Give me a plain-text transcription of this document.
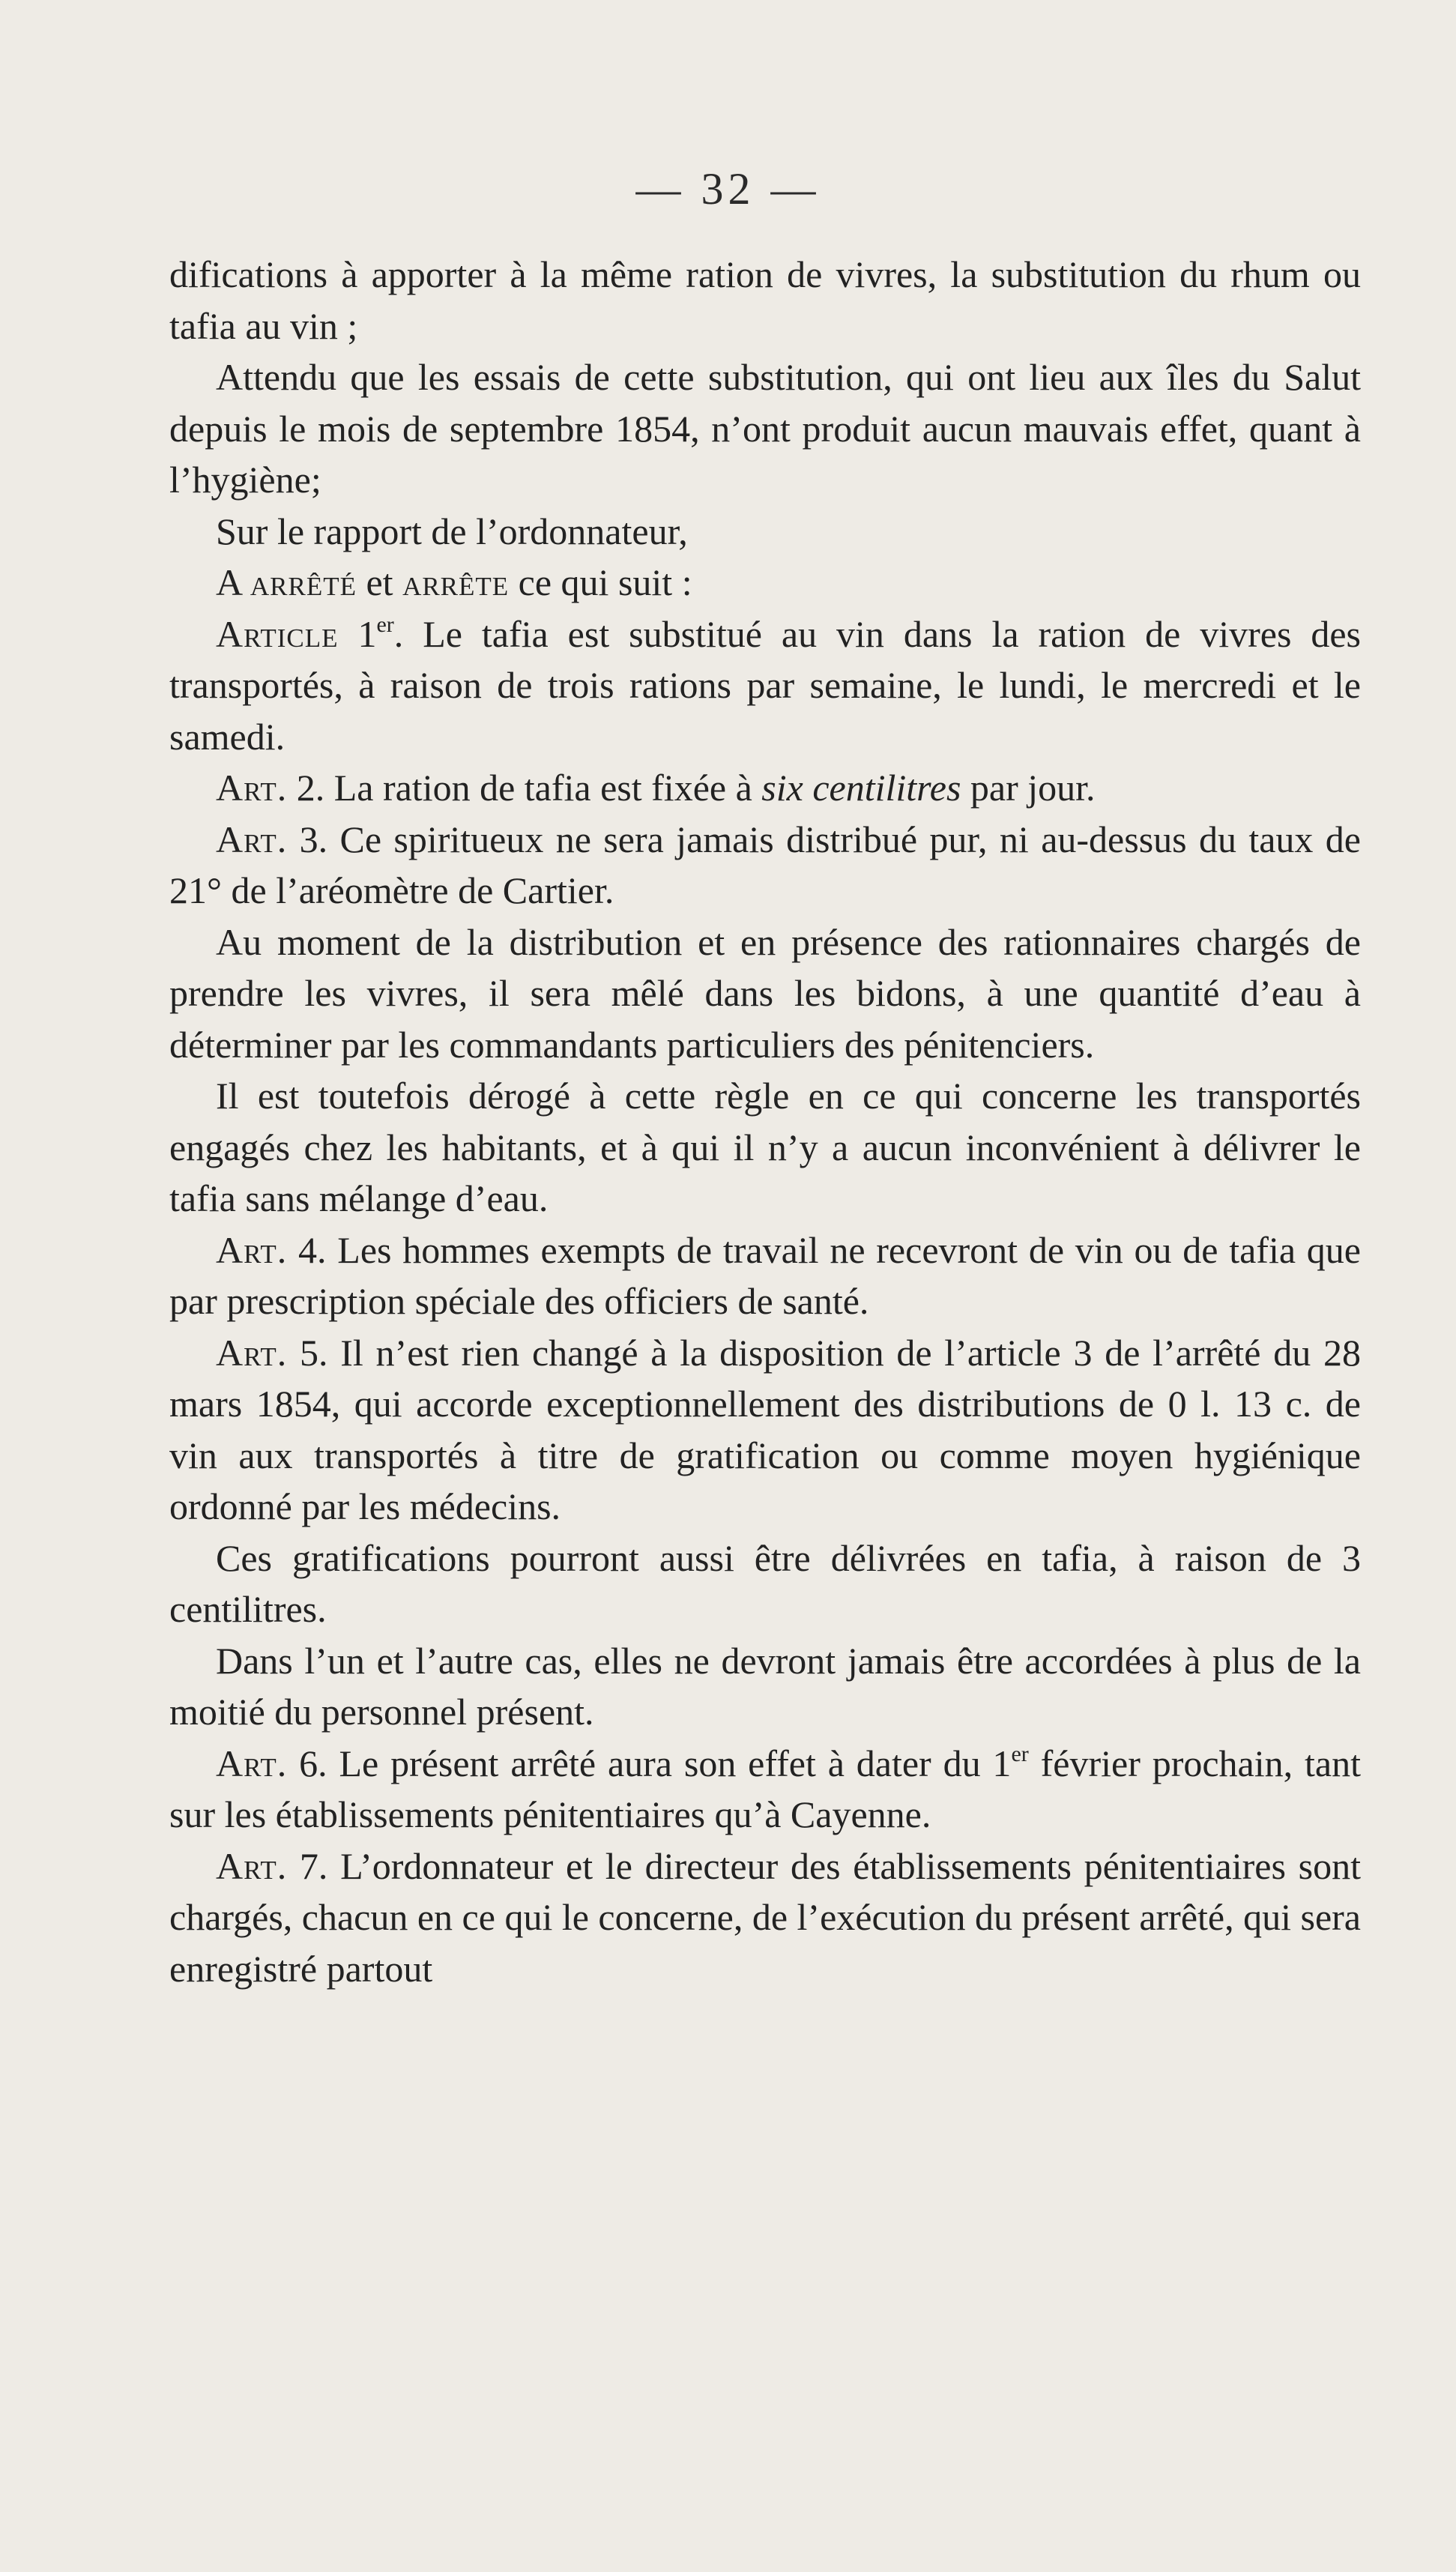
— 32 —

difications à apporter à la même ration de vivres, la substitution du rhum ou tafia au vin ;

Attendu que les essais de cette substitution, qui ont lieu aux îles du Salut depuis le mois de septembre 1854, n’ont produit aucun mauvais effet, quant à l’hygiène;

Sur le rapport de l’ordonnateur,

A arrêté et arrête ce qui suit :

Article 1er. Le tafia est substitué au vin dans la ration de vivres des transportés, à raison de trois rations par semaine, le lundi, le mercredi et le samedi.

Art. 2. La ration de tafia est fixée à six centilitres par jour.

Art. 3. Ce spiritueux ne sera jamais distribué pur, ni au-dessus du taux de 21° de l’aréomètre de Cartier.

Au moment de la distribution et en présence des rationnaires chargés de prendre les vivres, il sera mêlé dans les bidons, à une quantité d’eau à déterminer par les commandants particuliers des pénitenciers.

Il est toutefois dérogé à cette règle en ce qui concerne les transportés engagés chez les habitants, et à qui il n’y a aucun inconvénient à délivrer le tafia sans mélange d’eau.

Art. 4. Les hommes exempts de travail ne recevront de vin ou de tafia que par prescription spéciale des officiers de santé.

Art. 5. Il n’est rien changé à la disposition de l’article 3 de l’arrêté du 28 mars 1854, qui accorde exceptionnellement des distributions de 0 l. 13 c. de vin aux transportés à titre de gratification ou comme moyen hygiénique ordonné par les médecins.

Ces gratifications pourront aussi être délivrées en tafia, à raison de 3 centilitres.

Dans l’un et l’autre cas, elles ne devront jamais être accordées à plus de la moitié du personnel présent.

Art. 6. Le présent arrêté aura son effet à dater du 1er février prochain, tant sur les établissements pénitentiaires qu’à Cayenne.

Art. 7. L’ordonnateur et le directeur des établissements pénitentiaires sont chargés, chacun en ce qui le concerne, de l’exécution du présent arrêté, qui sera enregistré partout
